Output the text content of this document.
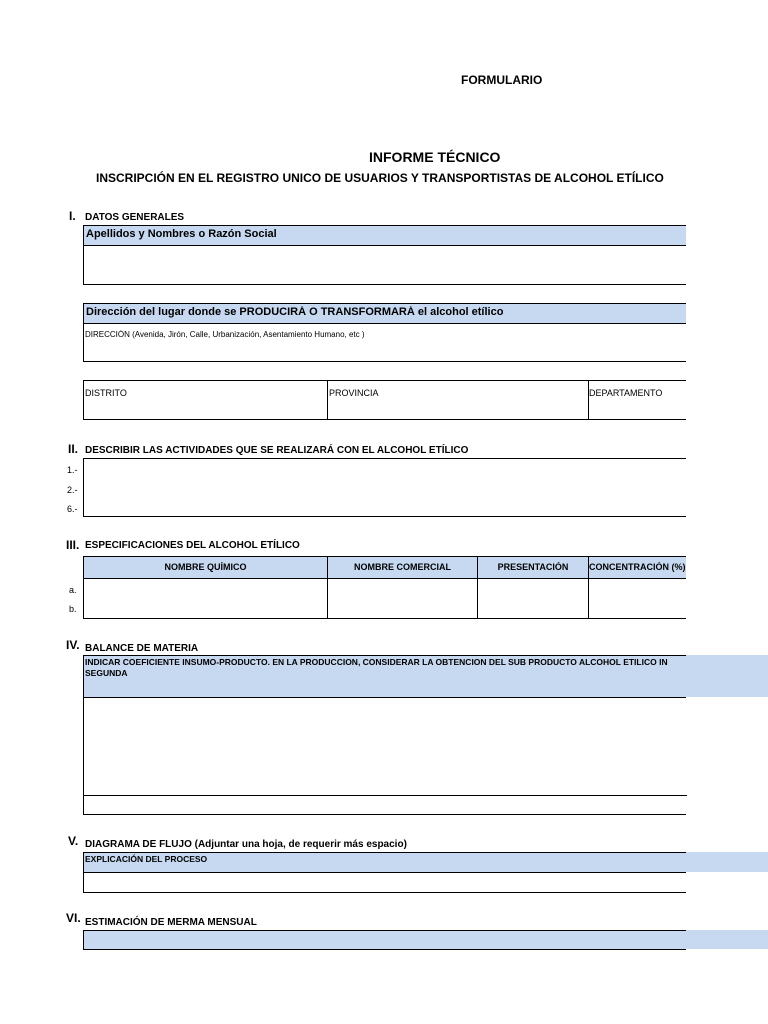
FORMULARIO
INFORME TÉCNICO
INSCRIPCIÓN EN EL REGISTRO UNICO DE USUARIOS Y TRANSPORTISTAS DE ALCOHOL ETÍLICO
I. DATOS GENERALES
Apellidos y Nombres o Razón Social
Dirección del lugar donde se PRODUCIRÁ O TRANSFORMARÁ el alcohol etílico
DIRECCIÓN (Avenida, Jirón, Calle, Urbanización, Asentamiento Humano, etc )
DISTRITO	PROVINCIA	DEPARTAMENTO
II. DESCRIBIR LAS ACTIVIDADES QUE SE REALIZARÁ CON EL ALCOHOL ETÍLICO
1.-
2.-
6.-
III. ESPECIFICACIONES DEL ALCOHOL ETÍLICO
NOMBRE QUÍMICO	NOMBRE COMERCIAL	PRESENTACIÓN	CONCENTRACIÓN (%)
a.
b.
IV. BALANCE DE MATERIA
INDICAR COEFICIENTE INSUMO-PRODUCTO. EN LA PRODUCCION, CONSIDERAR LA OBTENCION DEL SUB PRODUCTO ALCOHOL ETILICO IN
SEGUNDA
V. DIAGRAMA DE FLUJO (Adjuntar una hoja, de requerir más espacio)
EXPLICACIÓN DEL PROCESO
VI. ESTIMACIÓN DE MERMA MENSUAL
